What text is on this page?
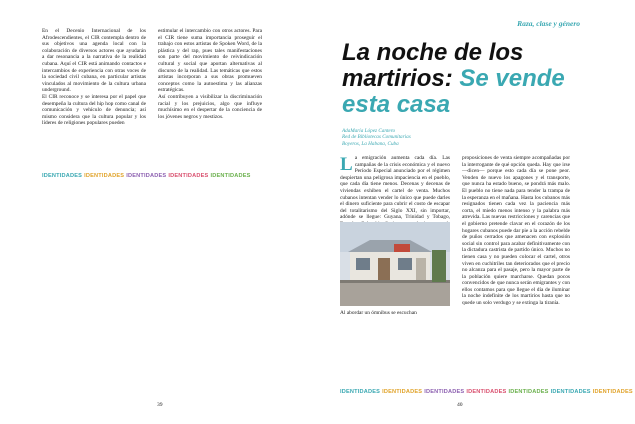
En el Decenio Internacional de los Afrodescendientes, el CIR contempla dentro de sus objetivos una agenda local con la colaboración de diversos actores que ayudarán a dar resonancia a la narrativa de la realidad cubana. Aquí el CIR está animando contactos e intercambios de experiencia con otras voces de la sociedad civil cubana, en particular artistas vinculados al movimiento de la cultura urbana underground.

El CIR reconoce y se interesa por el papel que desempeña la cultura del hip hop como canal de comunicación y vehículo de denuncia; así mismo considera que la cultura popular y los líderes de religiones populares pueden

estimular el intercambio con otros actores. Para el CIR tiene suma importancia proseguir el trabajo con estos artistas de Spoken Word, de la plástica y del rap, pues tales manifestaciones son parte del movimiento de reivindicación cultural y social que aportan alternativas al discurso de la realidad. Las temáticas que estos artistas incorporan a sus obras promueven conceptos como la autoestima y las alianzas estratégicas.

Así contribuyen a visibilizar la discriminación racial y los prejuicios, algo que influye muchísimo en el despertar de la conciencia de los jóvenes negros y mestizos.

IDENTIDADES IDENTIDADES IDENTIDADES IDENTIDADES IDENTIDADES
39
Raza, clase y género
La noche de los martirios: Se vende esta casa
AdaMaría López Cantero
Red de Bibliotecas Comunitarias
Boyeros, La Habana, Cuba
L a emigración aumenta cada día. Las campañas de la crisis económica y el nuevo Período Especial anunciado por el régimen despiertan una peligrosa impaciencia en el pueblo, que cada día tiene menos. Decenas y decenas de viviendas exhiben el cartel de venta. Muchos cubanos intentan vender lo único que puede darles el dinero suficiente para cubrir el costo de escapar del totalitarismo del Siglo XXI, sin importar, adónde se llegue: Guyana, Trinidad y Tobago,
Al abordar un ómnibus se escuchan
proposiciones de venta siempre acompañadas por la interrogante de qué opción queda. Hay que irse —dicen— porque esto cada día se pone peor. Venden de nuevo los apagones y el transporte, que nunca ha estado bueno, se pondrá más malo. El pueblo no tiene nada para tender la trampa de la esperanza en el mañana. Hasta los cubanos más resignados tienen cada vez la paciencia más corta, el miedo menos intenso y la palabra más atrevida. Las nuevas restricciones y carencias que el gobierno pretende clavar en el corazón de los hogares cubanos puede dar pie a la acción rebelde de puños cerrados que amenacen con explosión social sin control para acabar definitivamente con la dictadura castrista de partido único. Muchos no tienen casa y no pueden colocar el cartel, otros viven en cuchitriles tan deteriorados que el precio no alcanza para el pasaje, pero la mayor parte de la población quiere marcharse. Quedan pocos convencidos de que nunca serán emigrantes y con ellos contamos para que llegue el día de iluminar la noche indefinite de los martirios hasta que no quede un solo verdugo y se extinga la tiranía.
IDENTIDADES IDENTIDADES IDENTIDADES IDENTIDADES IDENTIDADES IDENTIDADES IDENTIDADES
40
